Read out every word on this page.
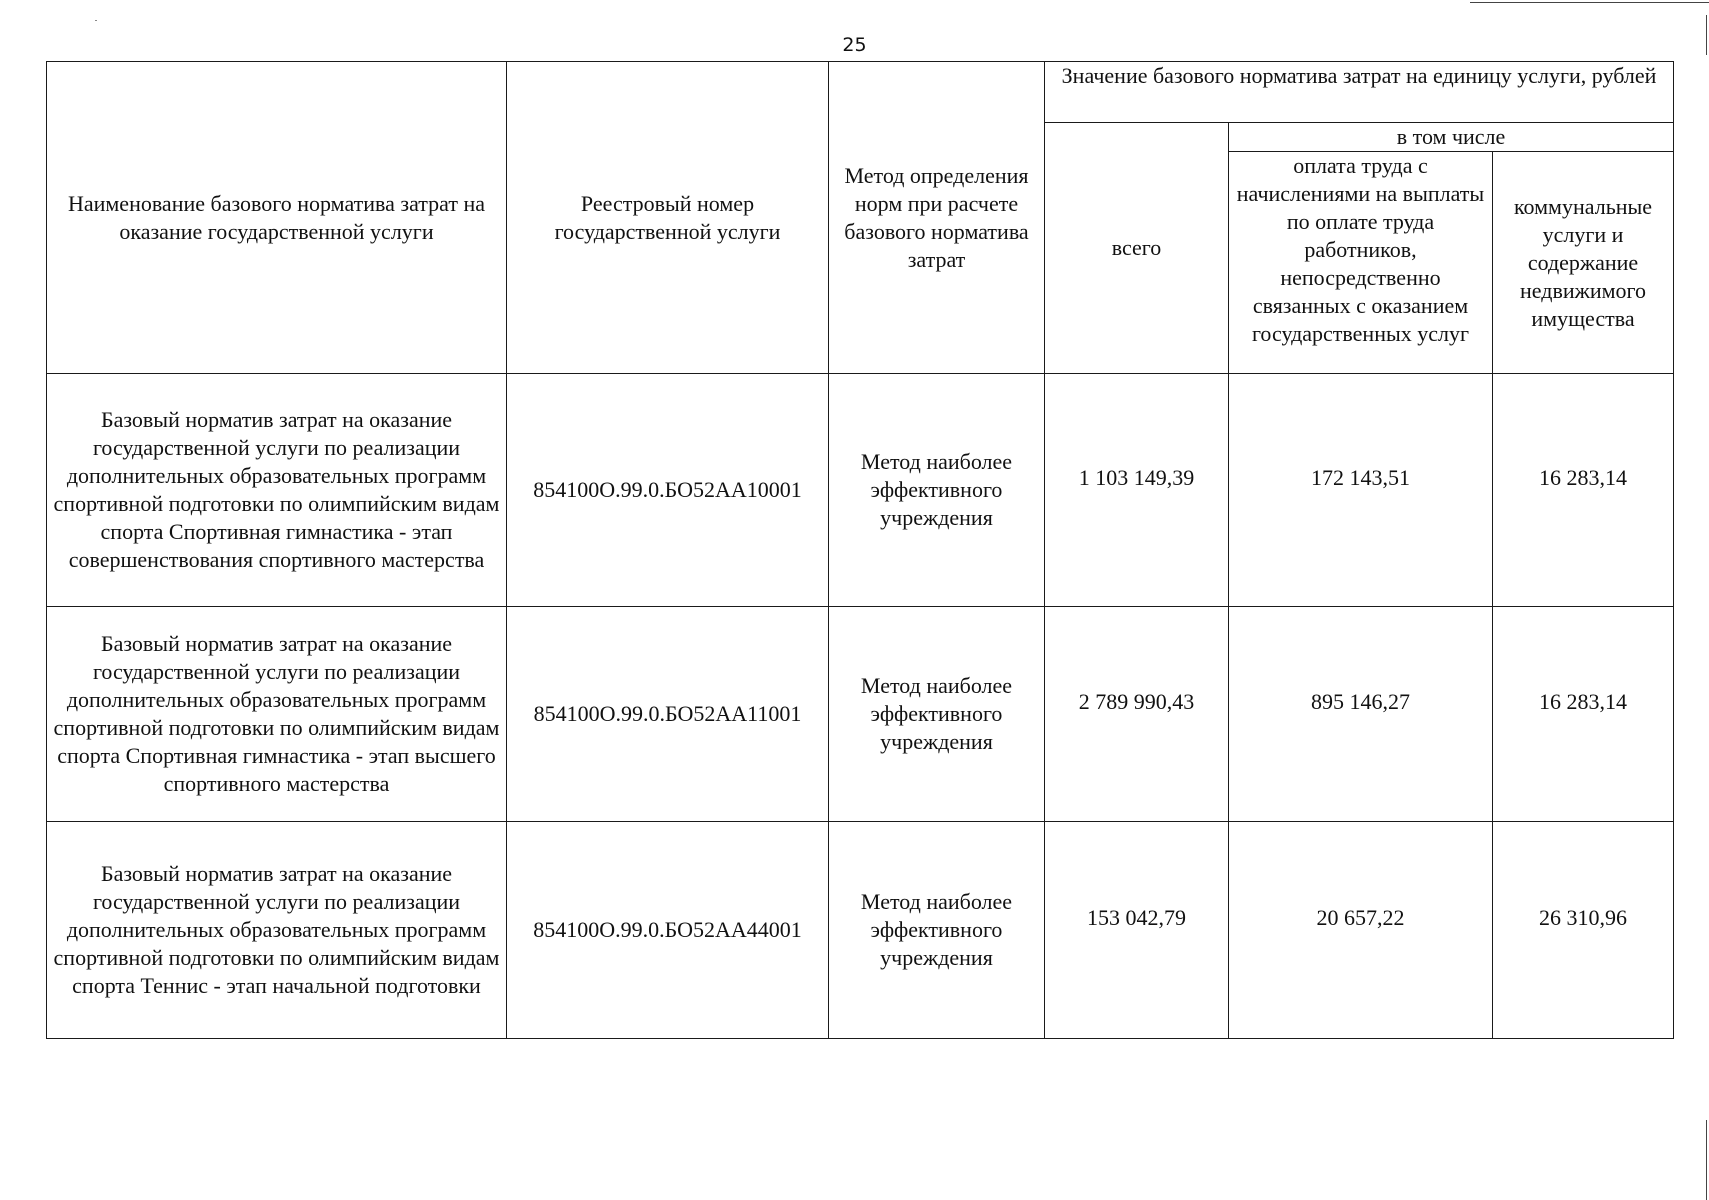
25
Наименование базового норматива затрат на оказание государственной услуги	Реестровый номер государственной услуги	Метод определения норм при расчете базового норматива затрат	Значение базового норматива затрат на единицу услуги, рублей		
			всего	в том числе	
				оплата труда с начислениями на выплаты по оплате труда работников, непосредственно связанных с оказанием государственных услуг	коммунальные услуги и содержание недвижимого имущества
Базовый норматив затрат на оказание государственной услуги по реализации дополнительных образовательных программ спортивной подготовки по олимпийским видам спорта Спортивная гимнастика - этап совершенствования спортивного мастерства	854100О.99.0.БО52АА10001	Метод наиболее эффективного учреждения	1 103 149,39	172 143,51	16 283,14
Базовый норматив затрат на оказание государственной услуги по реализации дополнительных образовательных программ спортивной подготовки по олимпийским видам спорта Спортивная гимнастика - этап высшего спортивного мастерства	854100О.99.0.БО52АА11001	Метод наиболее эффективного учреждения	2 789 990,43	895 146,27	16 283,14
Базовый норматив затрат на оказание государственной услуги по реализации дополнительных образовательных программ спортивной подготовки по олимпийским видам спорта Теннис - этап начальной подготовки	854100О.99.0.БО52АА44001	Метод наиболее эффективного учреждения	153 042,79	20 657,22	26 310,96
